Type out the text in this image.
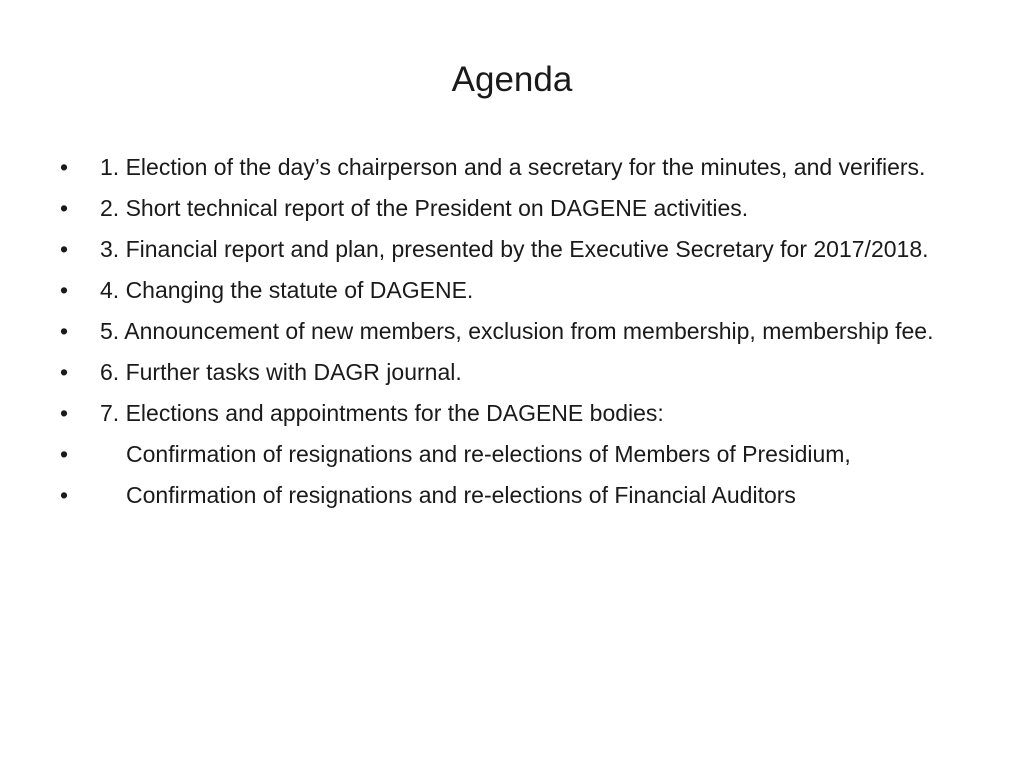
Agenda
•	1. Election of the day’s chairperson and a secretary for the minutes, and verifiers.
•	2. Short technical report of the President on DAGENE activities.
•	3. Financial report and plan, presented by the Executive Secretary for 2017/2018.
•	4. Changing the statute of DAGENE.
•	5. Announcement of new members, exclusion from membership, membership fee.
•	6. Further tasks with DAGR journal.
•	7. Elections and appointments for the DAGENE bodies:
•	Confirmation of resignations and re-elections of Members of Presidium,
•	Confirmation of resignations and re-elections of Financial Auditors
